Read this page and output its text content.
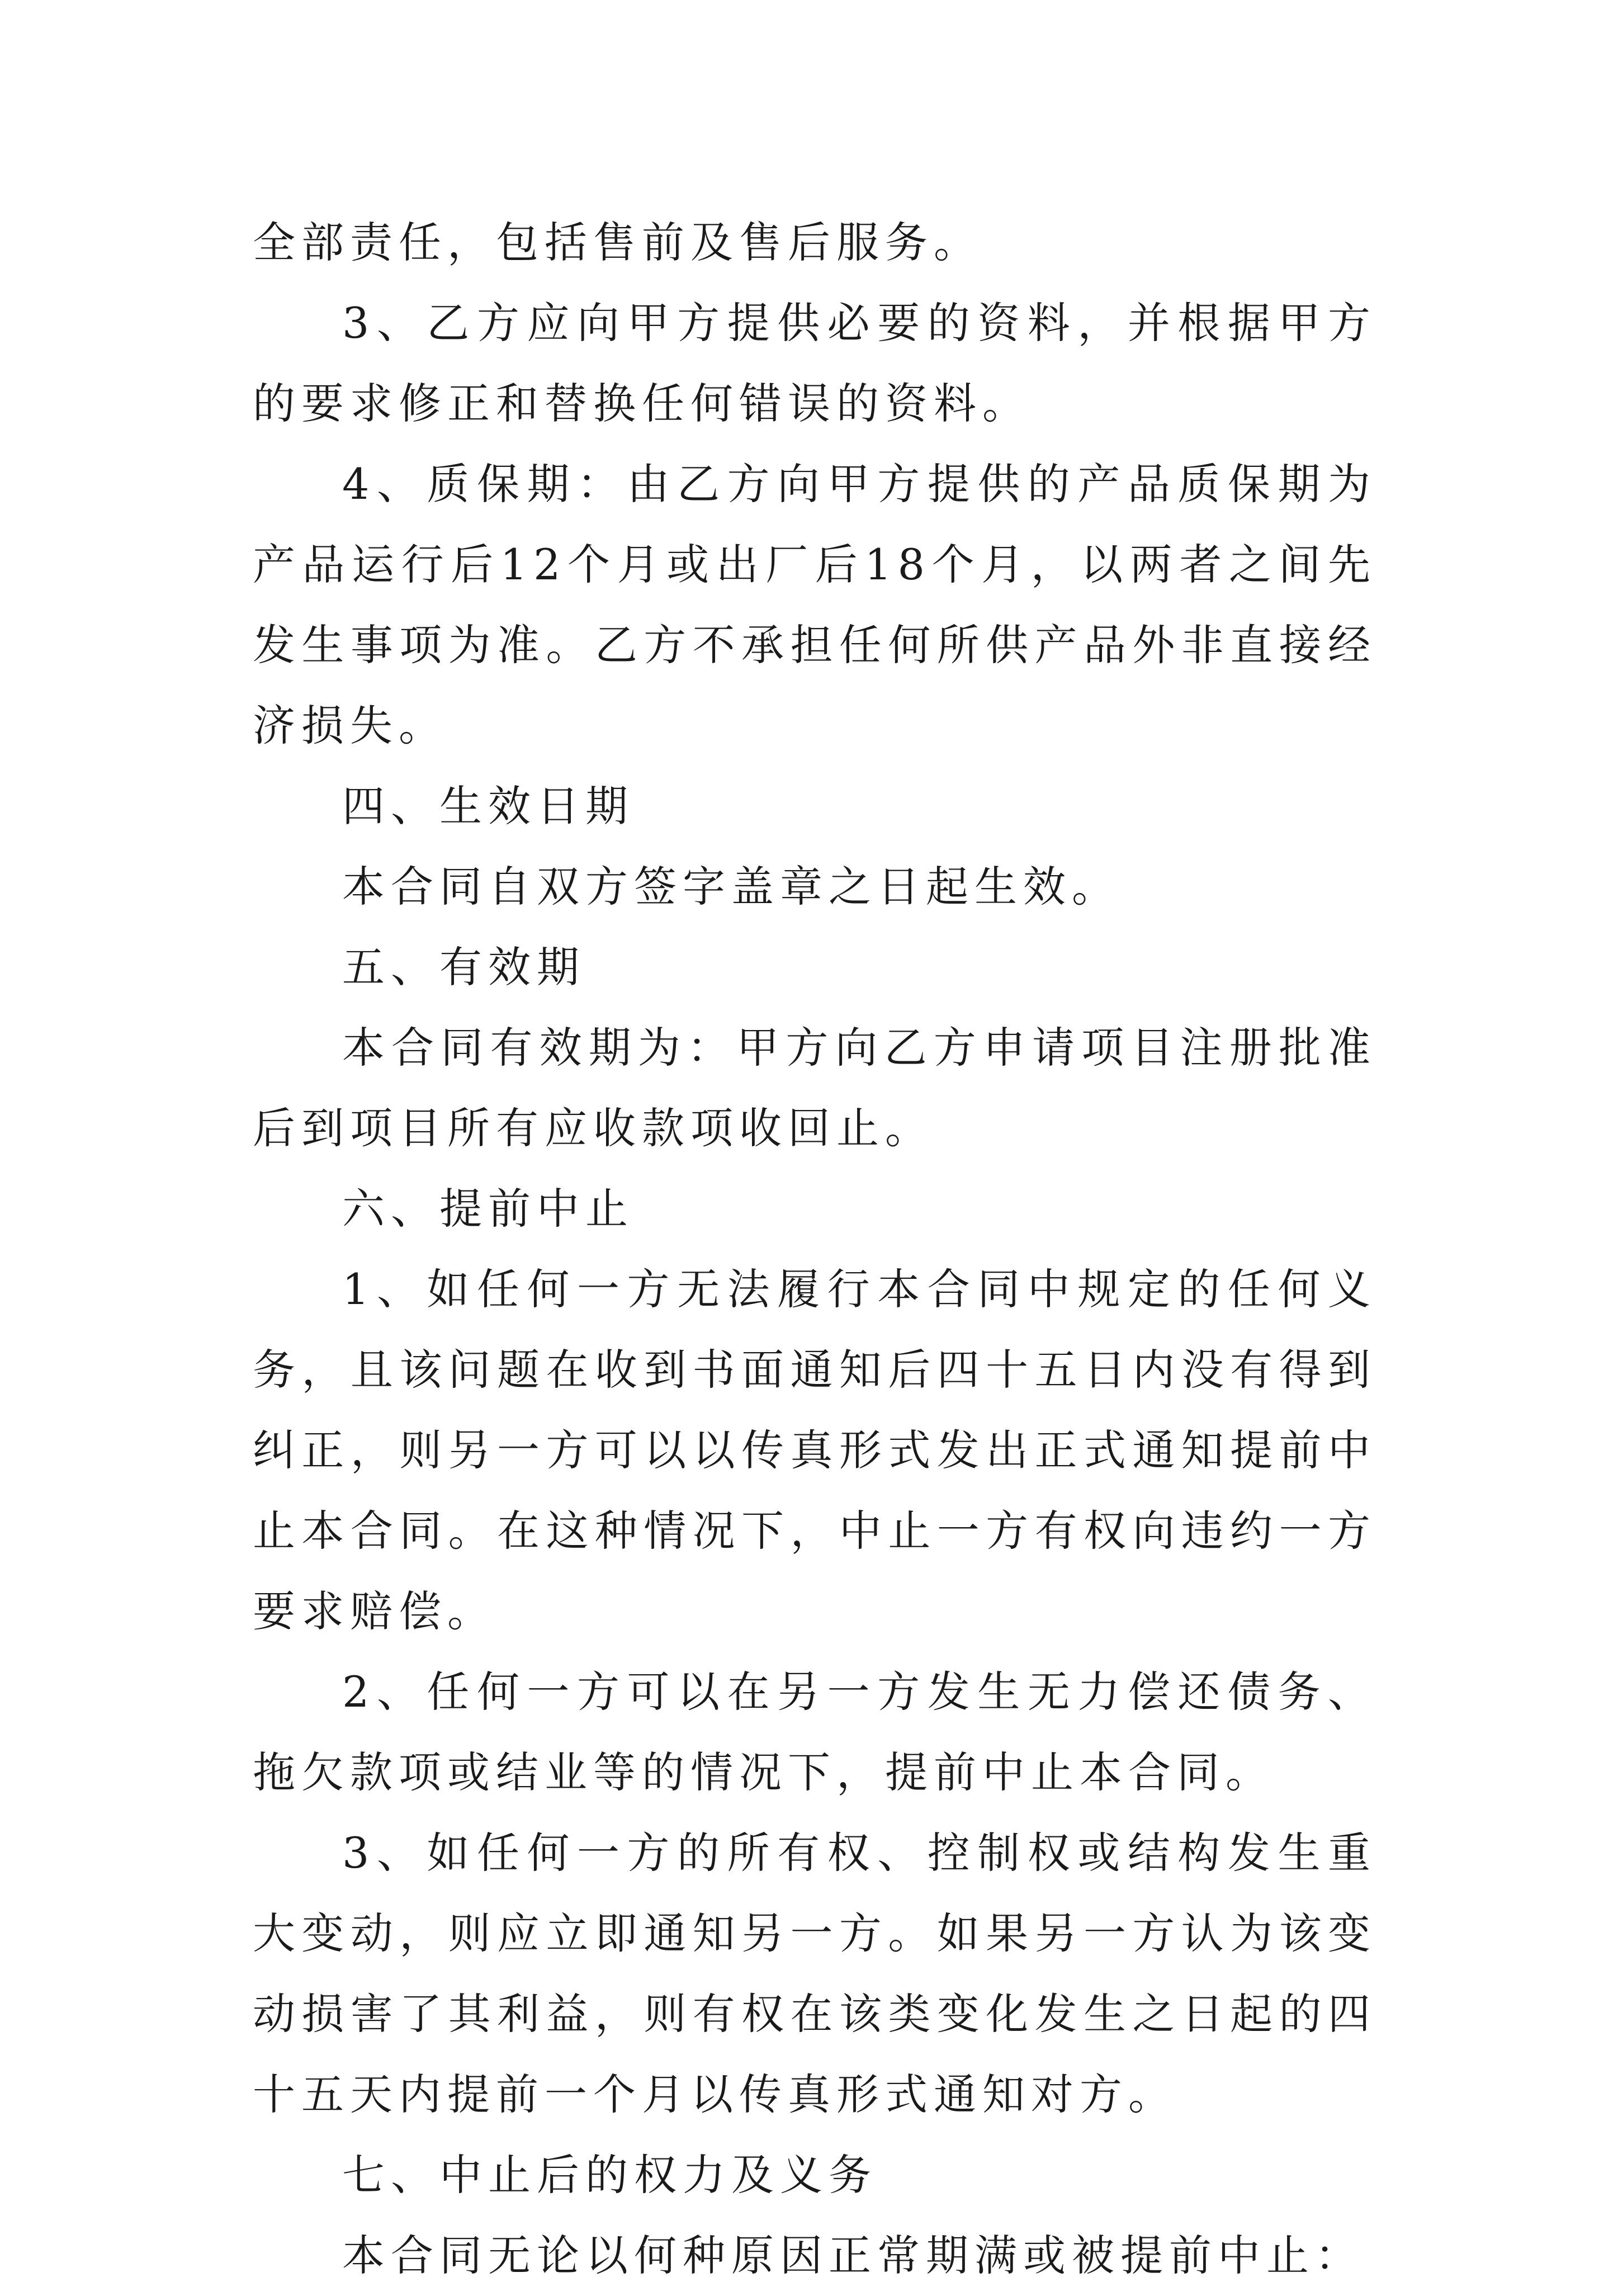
全部责任，包括售前及售后服务。

3、乙方应向甲方提供必要的资料，并根据甲方的要求修正和替换任何错误的资料。

4、质保期：由乙方向甲方提供的产品质保期为产品运行后12个月或出厂后18个月，以两者之间先发生事项为准。乙方不承担任何所供产品外非直接经济损失。

四、生效日期

本合同自双方签字盖章之日起生效。

五、有效期

本合同有效期为：甲方向乙方申请项目注册批准后到项目所有应收款项收回止。

六、提前中止

1、如任何一方无法履行本合同中规定的任何义务，且该问题在收到书面通知后四十五日内没有得到纠正，则另一方可以以传真形式发出正式通知提前中止本合同。在这种情况下，中止一方有权向违约一方要求赔偿。

2、任何一方可以在另一方发生无力偿还债务、拖欠款项或结业等的情况下，提前中止本合同。

3、如任何一方的所有权、控制权或结构发生重大变动，则应立即通知另一方。如果另一方认为该变动损害了其利益，则有权在该类变化发生之日起的四十五天内提前一个月以传真形式通知对方。

七、中止后的权力及义务

本合同无论以何种原因正常期满或被提前中止：
